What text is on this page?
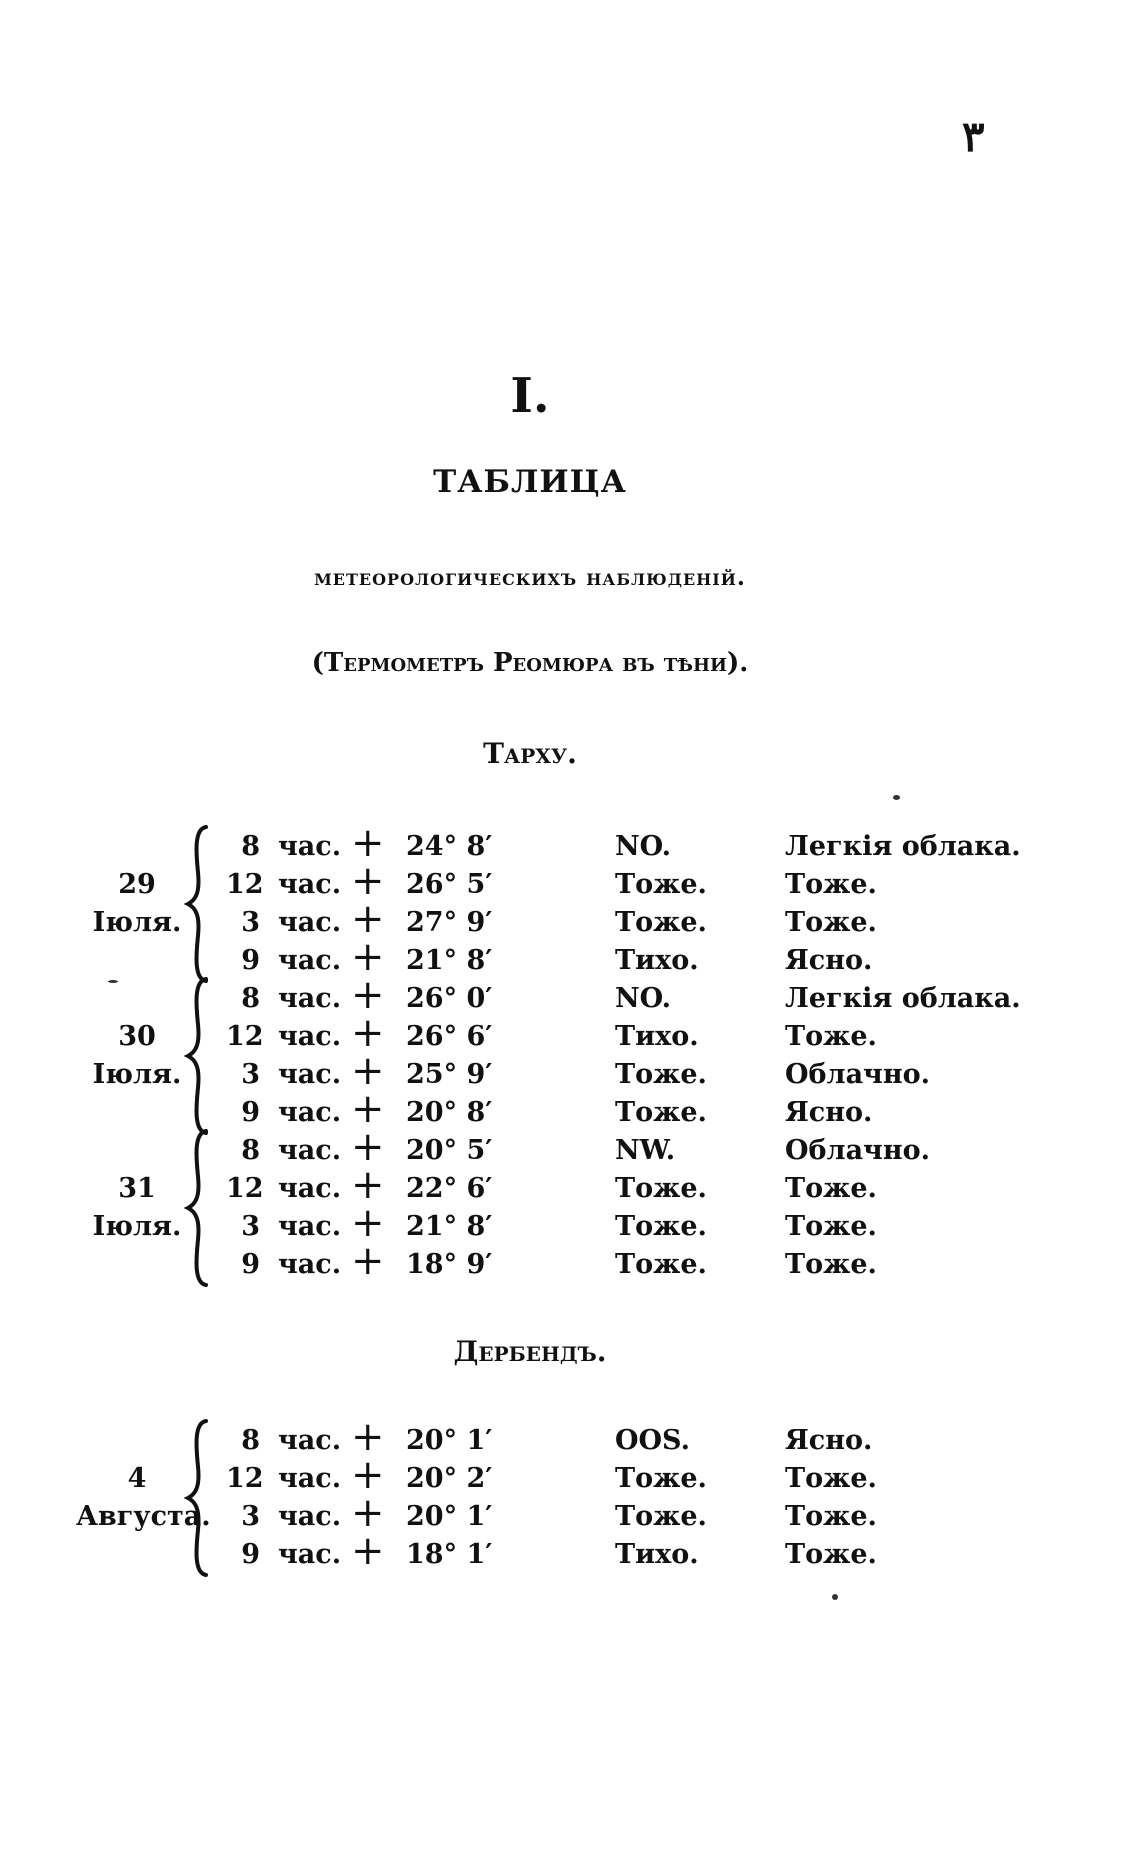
٣
I.
ТАБЛИЦА
метеорологическихъ наблюденій.
(Термометръ Реомюра въ тѣни).
Тарху.
29
Іюля.
8 час. + 24° 8′	NO.	Легкія облака.
12 час. + 26° 5′	Тоже.	Тоже.
3 час. + 27° 9′	Тоже.	Тоже.
9 час. + 21° 8′	Тихо.	Ясно.
30
Іюля.
8 час. + 26° 0′	NO.	Легкія облака.
12 час. + 26° 6′	Тихо.	Тоже.
3 час. + 25° 9′	Тоже.	Облачно.
9 час. + 20° 8′	Тоже.	Ясно.
31
Іюля.
8 час. + 20° 5′	NW.	Облачно.
12 час. + 22° 6′	Тоже.	Тоже.
3 час. + 21° 8′	Тоже.	Тоже.
9 час. + 18° 9′	Тоже.	Тоже.
Дербендъ.
4
Августа.
8 час. + 20° 1′	OOS.	Ясно.
12 час. + 20° 2′	Тоже.	Тоже.
3 час. + 20° 1′	Тоже.	Тоже.
9 час. + 18° 1′	Тихо.	Тоже.
